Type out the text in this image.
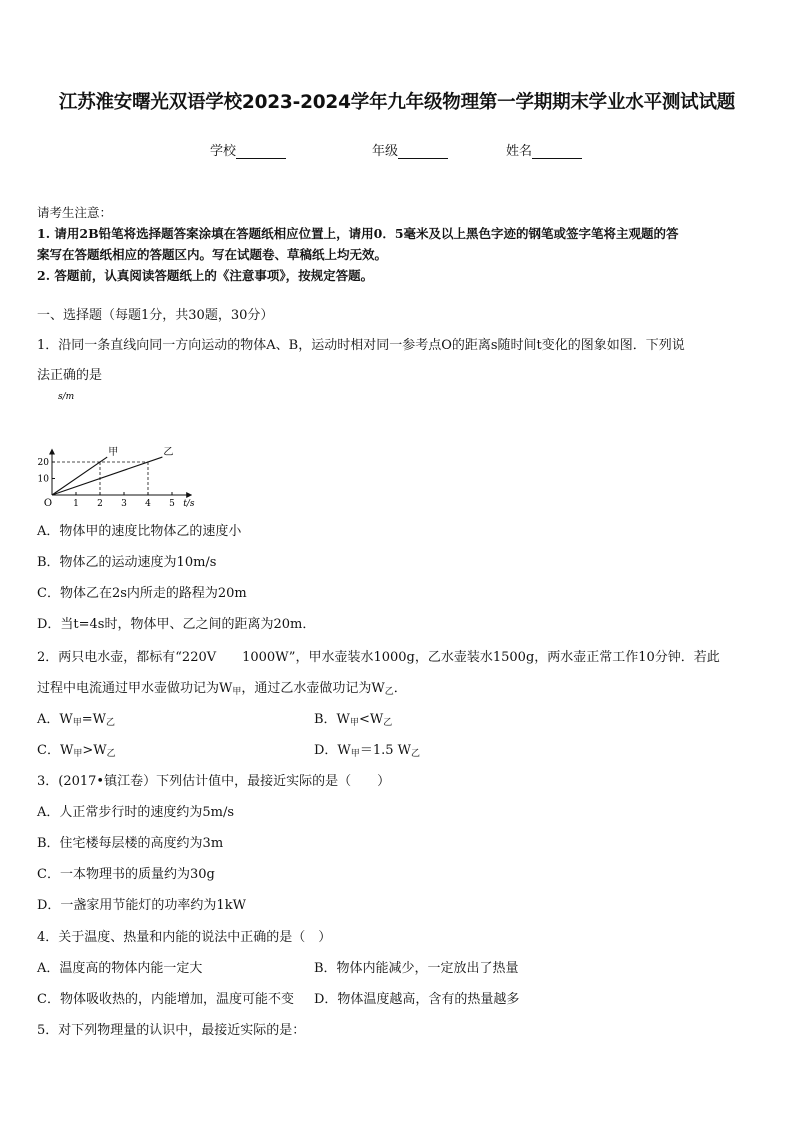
江苏淮安曙光双语学校2023-2024学年九年级物理第一学期期末学业水平测试试题
学校	年级	姓名
请考生注意：
1. 请用2B铅笔将选择题答案涂填在答题纸相应位置上，请用0．5毫米及以上黑色字迹的钢笔或签字笔将主观题的答
案写在答题纸相应的答题区内。写在试题卷、草稿纸上均无效。
2. 答题前，认真阅读答题纸上的《注意事项》，按规定答题。
一、选择题（每题1分，共30题，30分）
1．沿同一条直线向同一方向运动的物体A、B，运动时相对同一参考点O的距离s随时间t变化的图象如图．下列说
法正确的是
1 2 3 4 5
10
20
s/m
t/s
O
甲	乙
A．物体甲的速度比物体乙的速度小
B．物体乙的运动速度为10m/s
C．物体乙在2s内所走的路程为20m
D．当t=4s时，物体甲、乙之间的距离为20m．
2．两只电水壶，都标有“220V　　1000W”，甲水壶装水1000g，乙水壶装水1500g，两水壶正常工作10分钟．若此
过程中电流通过甲水壶做功记为$W_甲$，通过乙水壶做功记为$W_乙$．
A．$W_甲=W_乙$	B．$W_甲<W_乙$
C．$W_甲>W_乙$	D．$W_甲=1.5$ $W_乙$
3．(2017•镇江卷）下列估计值中，最接近实际的是（　　）
A．人正常步行时的速度约为5m/s
B．住宅楼每层楼的高度约为3m
C．一本物理书的质量约为30g
D．一盏家用节能灯的功率约为1kW
4．关于温度、热量和内能的说法中正确的是（　）
A．温度高的物体内能一定大	B．物体内能减少，一定放出了热量
C．物体吸收热的，内能增加，温度可能不变 D．物体温度越高，含有的热量越多
5．对下列物理量的认识中，最接近实际的是：
